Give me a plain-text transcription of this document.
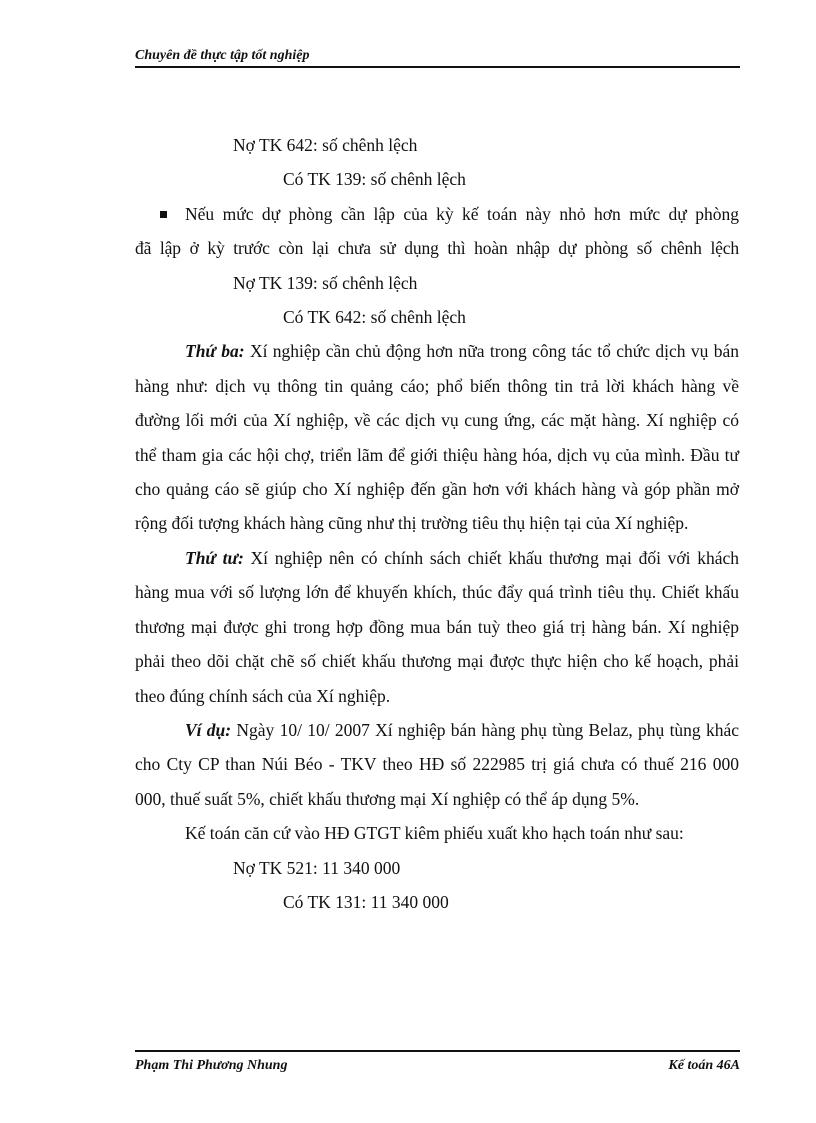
Chuyên đề thực tập tốt nghiệp

Nợ TK 642: số chênh lệch

Có TK 139: số chênh lệch

Nếu mức dự phòng cần lập của kỳ kế toán này nhỏ hơn mức dự phòng

đã lập ở kỳ trước còn lại chưa sử dụng thì hoàn nhập dự phòng số chênh lệch

Nợ TK 139: số chênh lệch

Có TK 642: số chênh lệch

Thứ ba: Xí nghiệp cần chủ động hơn nữa trong công tác tổ chức dịch vụ bán hàng như: dịch vụ thông tin quảng cáo; phổ biến thông tin trả lời khách hàng về đường lối mới của Xí nghiệp, về các dịch vụ cung ứng, các mặt hàng. Xí nghiệp có thể tham gia các hội chợ, triển lãm để giới thiệu hàng hóa, dịch vụ của mình. Đầu tư cho quảng cáo sẽ giúp cho Xí nghiệp đến gần hơn với khách hàng và góp phần mở rộng đối tượng khách hàng cũng như thị trường tiêu thụ hiện tại của Xí nghiệp.

Thứ tư: Xí nghiệp nên có chính sách chiết khấu thương mại đối với khách hàng mua với số lượng lớn để khuyến khích, thúc đẩy quá trình tiêu thụ. Chiết khấu thương mại được ghi trong hợp đồng mua bán tuỳ theo giá trị hàng bán. Xí nghiệp phải theo dõi chặt chẽ số chiết khấu thương mại được thực hiện cho kế hoạch, phải theo đúng chính sách của Xí nghiệp.

Ví dụ: Ngày 10/ 10/ 2007 Xí nghiệp bán hàng phụ tùng Belaz, phụ tùng khác cho Cty CP than Núi Béo - TKV theo HĐ số 222985 trị giá chưa có thuế 216 000 000, thuế suất 5%, chiết khấu thương mại Xí nghiệp có thể áp dụng 5%.

Kế toán căn cứ vào HĐ GTGT kiêm phiếu xuất kho hạch toán như sau:

Nợ TK 521: 11 340 000

Có TK 131: 11 340 000

Phạm Thi Phương Nhung	Kế toán 46A
